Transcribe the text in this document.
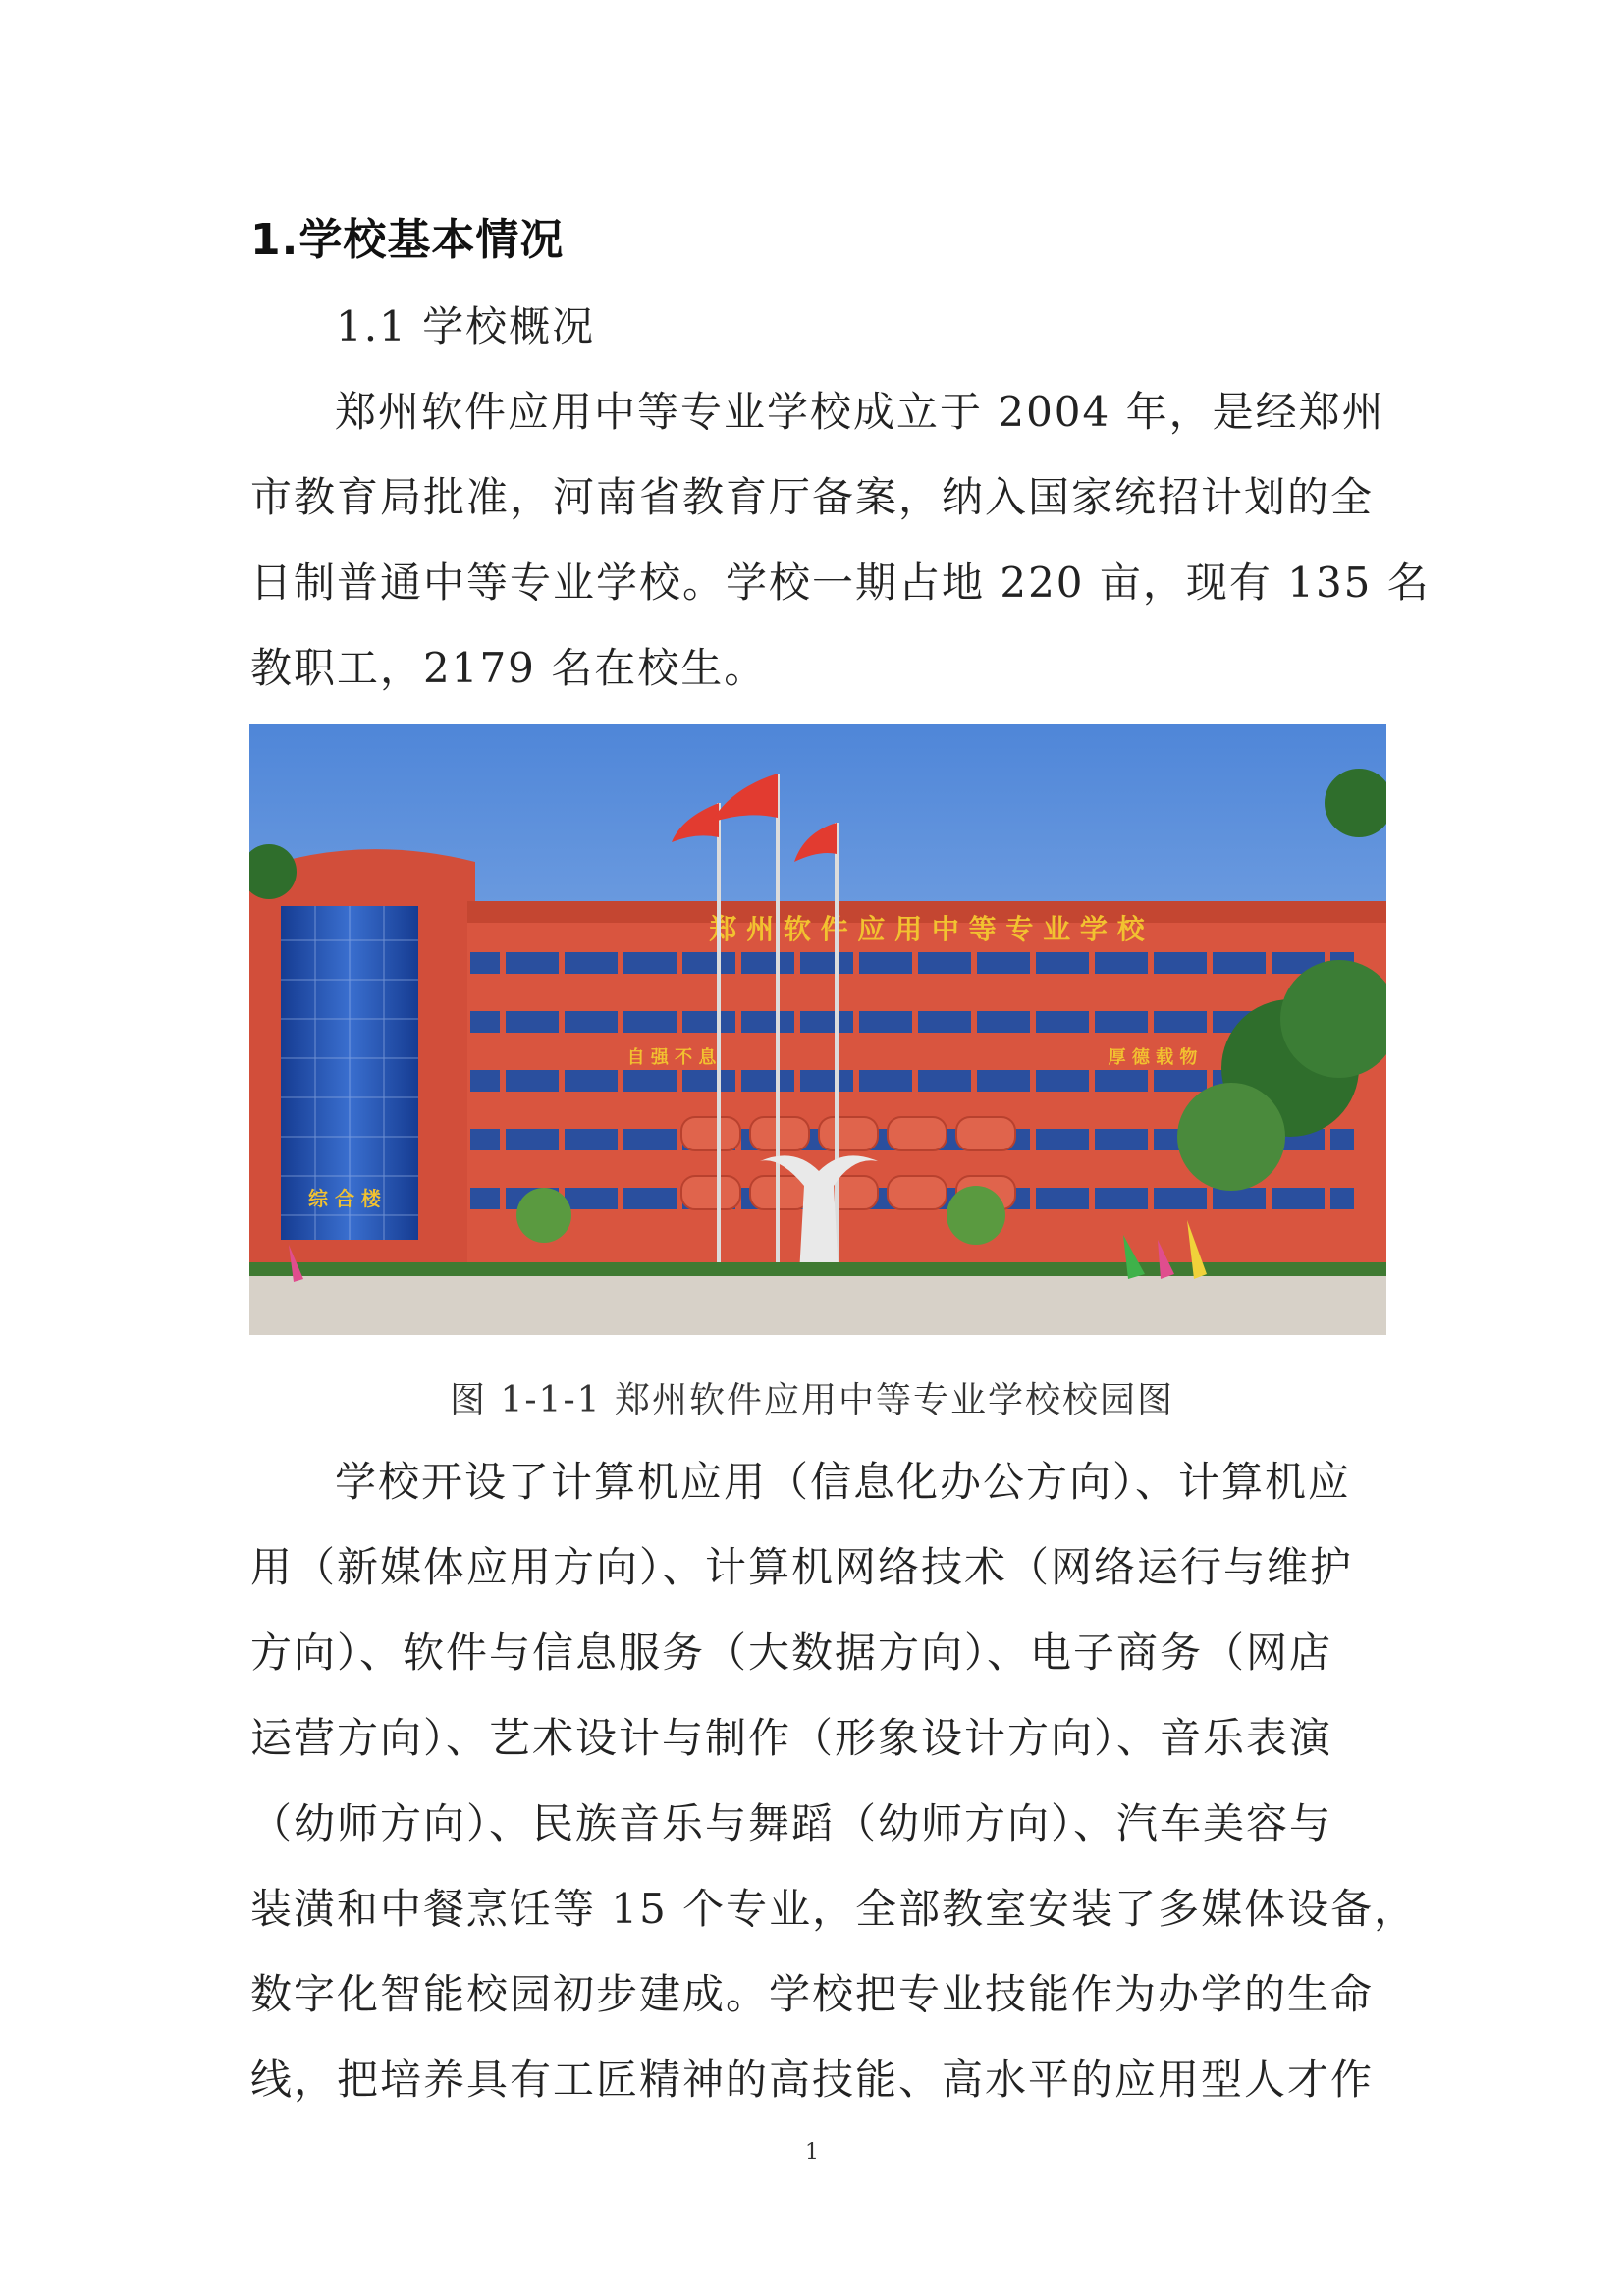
1.学校基本情况
1.1 学校概况
郑州软件应用中等专业学校成立于 2004 年，是经郑州
市教育局批准，河南省教育厅备案，纳入国家统招计划的全
日制普通中等专业学校。学校一期占地 220 亩，现有 135 名
教职工，2179 名在校生。
综 合 楼
郑 州 软 件 应 用 中 等 专 业 学 校
自 强 不 息	厚 德 载 物
图 1-1-1 郑州软件应用中等专业学校校园图
学校开设了计算机应用（信息化办公方向）、计算机应
用（新媒体应用方向）、计算机网络技术（网络运行与维护
方向）、软件与信息服务（大数据方向）、电子商务（网店
运营方向）、艺术设计与制作（形象设计方向）、音乐表演
（幼师方向）、民族音乐与舞蹈（幼师方向）、汽车美容与
装潢和中餐烹饪等 15 个专业，全部教室安装了多媒体设备，
数字化智能校园初步建成。学校把专业技能作为办学的生命
线，把培养具有工匠精神的高技能、高水平的应用型人才作
1
